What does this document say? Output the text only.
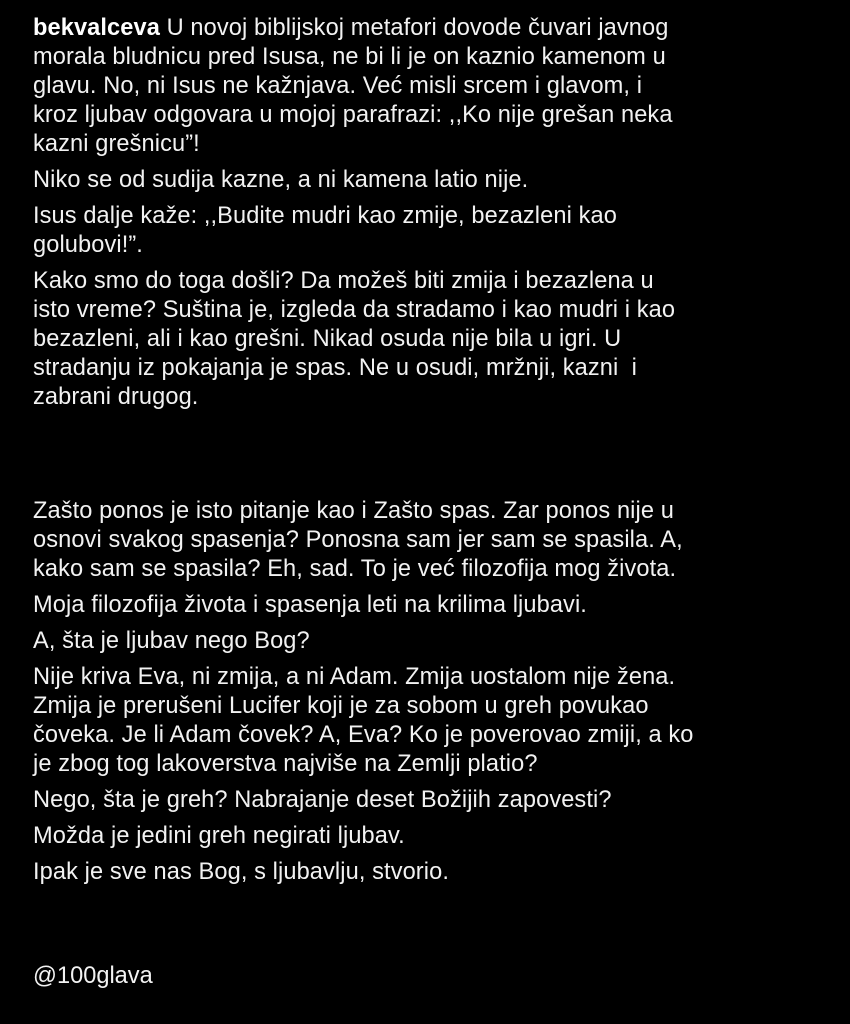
bekvalceva U novoj biblijskoj metafori dovode čuvari javnog
morala bludnicu pred Isusa, ne bi li je on kaznio kamenom u
glavu. No, ni Isus ne kažnjava. Već misli srcem i glavom, i
kroz ljubav odgovara u mojoj parafrazi: ,,Ko nije grešan neka
kazni grešnicu”!

Niko se od sudija kazne, a ni kamena latio nije.

Isus dalje kaže: ,,Budite mudri kao zmije, bezazleni kao
golubovi!”.

Kako smo do toga došli? Da možeš biti zmija i bezazlena u
isto vreme? Suština je, izgleda da stradamo i kao mudri i kao
bezazleni, ali i kao grešni. Nikad osuda nije bila u igri. U
stradanju iz pokajanja je spas. Ne u osudi, mržnji, kazni  i
zabrani drugog.

Zašto ponos je isto pitanje kao i Zašto spas. Zar ponos nije u
osnovi svakog spasenja? Ponosna sam jer sam se spasila. A,
kako sam se spasila? Eh, sad. To je već filozofija mog života.

Moja filozofija života i spasenja leti na krilima ljubavi.

A, šta je ljubav nego Bog?

Nije kriva Eva, ni zmija, a ni Adam. Zmija uostalom nije žena.
Zmija je prerušeni Lucifer koji je za sobom u greh povukao
čoveka. Je li Adam čovek? A, Eva? Ko je poverovao zmiji, a ko
je zbog tog lakoverstva najviše na Zemlji platio?

Nego, šta je greh? Nabrajanje deset Božijih zapovesti?

Možda je jedini greh negirati ljubav.

Ipak je sve nas Bog, s ljubavlju, stvorio.

@100glava
